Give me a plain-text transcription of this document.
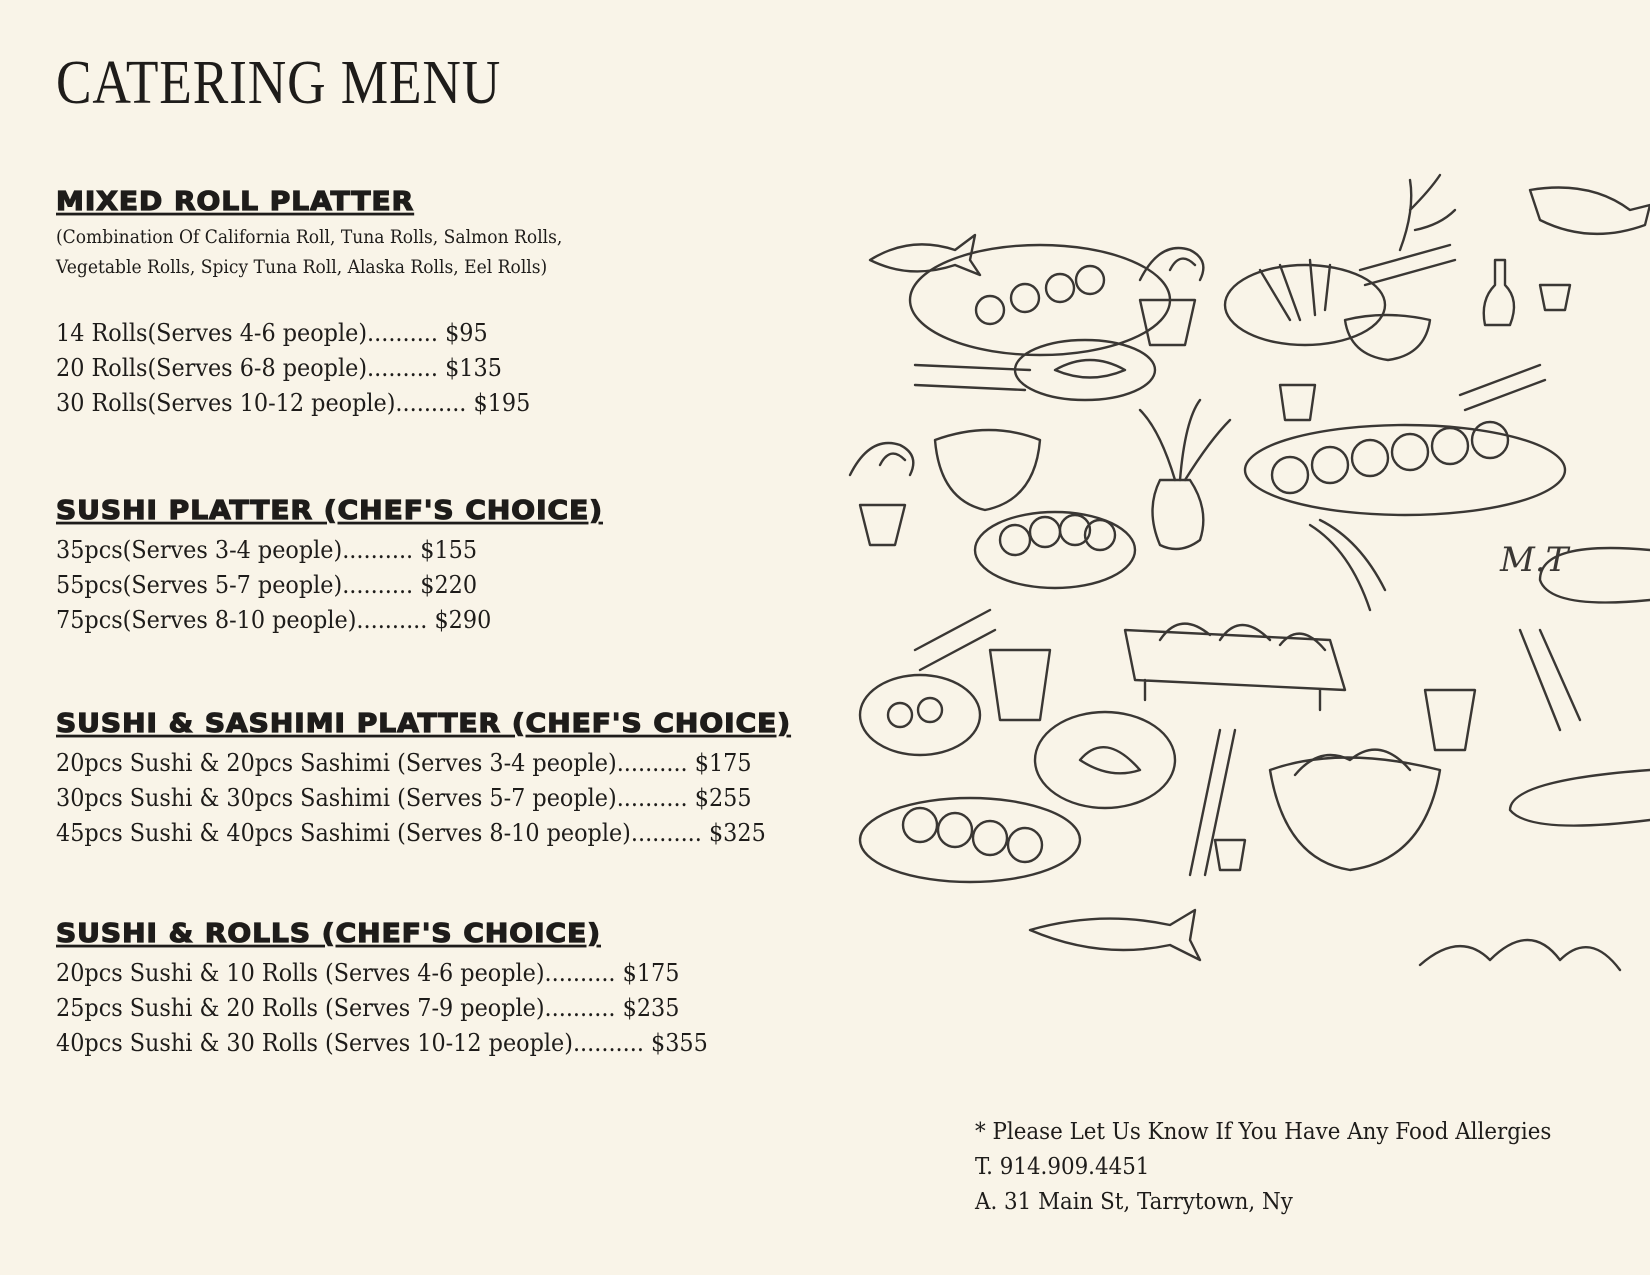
CATERING MENU
MIXED ROLL PLATTER
(Combination Of California Roll, Tuna Rolls, Salmon Rolls,
Vegetable Rolls, Spicy Tuna Roll, Alaska Rolls, Eel Rolls)
14 Rolls(Serves 4-6 people).......... $95
20 Rolls(Serves 6-8 people).......... $135
30 Rolls(Serves 10-12 people).......... $195
SUSHI PLATTER (CHEF'S CHOICE)
35pcs(Serves 3-4 people).......... $155
55pcs(Serves 5-7 people).......... $220
75pcs(Serves 8-10 people).......... $290
SUSHI & SASHIMI PLATTER (CHEF'S CHOICE)
20pcs Sushi & 20pcs Sashimi (Serves 3-4 people).......... $175
30pcs Sushi & 30pcs Sashimi (Serves 5-7 people).......... $255
45pcs Sushi & 40pcs Sashimi (Serves 8-10 people).......... $325
SUSHI & ROLLS (CHEF'S CHOICE)
20pcs Sushi & 10 Rolls (Serves 4-6 people).......... $175
25pcs Sushi & 20 Rolls (Serves 7-9 people).......... $235
40pcs Sushi & 30 Rolls (Serves 10-12 people).......... $355
M.T
* Please Let Us Know If You Have Any Food Allergies
T. 914.909.4451
A. 31 Main St, Tarrytown, Ny
